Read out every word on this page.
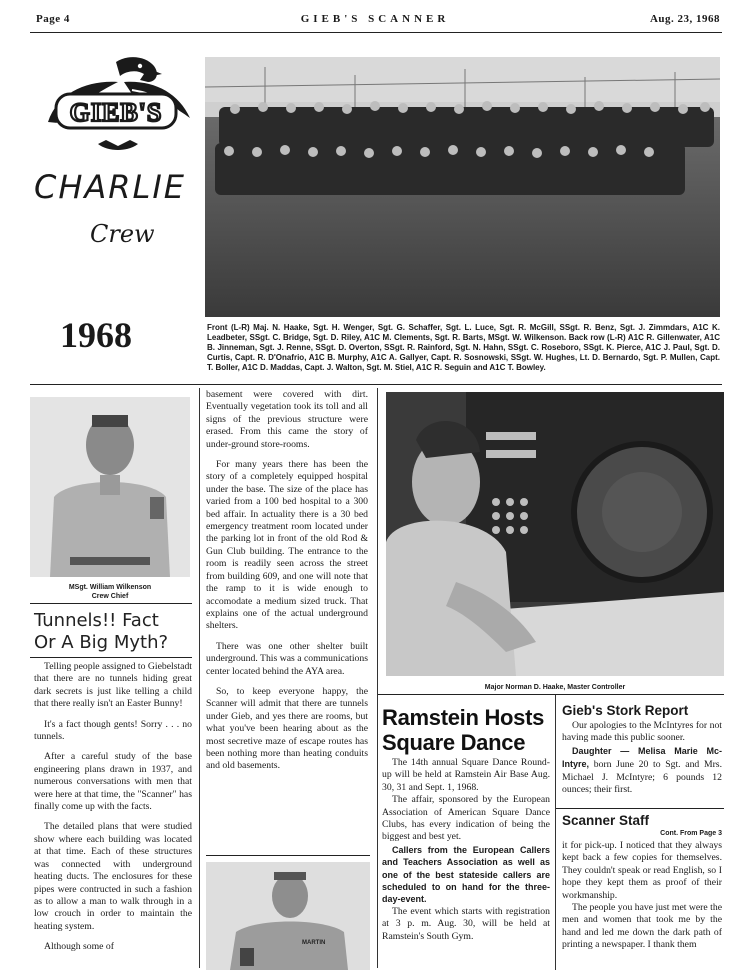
Page 4	GIEB'S SCANNER	Aug. 23, 1968
GIEB'S
CHARLIE
Crew
1968	Front (L-R) Maj. N. Haake, Sgt. H. Wenger, Sgt. G. Schaffer, Sgt. L. Luce, Sgt. R. McGill, SSgt. R. Benz, Sgt. J. Zimmdars, A1C K. Leadbeter, SSgt. C. Bridge, Sgt. D. Riley, A1C M. Clements, Sgt. R. Barts, MSgt. W. Wilkenson. Back row (L-R) A1C R. Gillenwater, A1C B. Jinneman, Sgt. J. Renne, SSgt. D. Overton, SSgt. R. Rainford, Sgt. N. Hahn, SSgt. C. Roseboro, SSgt. K. Pierce, A1C J. Paul, Sgt. D. Curtis, Capt. R. D'Onafrio, A1C B. Murphy, A1C A. Gallyer, Capt. R. Sosnowski, SSgt. W. Hughes, Lt. D. Bernardo, Sgt. P. Mullen, Capt. T. Boller, A1C D. Maddas, Capt. J. Walton, Sgt. M. Stiel, A1C R. Seguin and A1C T. Bowley.
MSgt. William Wilkenson
Crew Chief
Tunnels!! Fact
Or A Big Myth?

Telling people assigned to Giebelstadt that there are no tunnels hiding great dark secrets is just like telling a child that there really isn't an Easter Bunny!

It's a fact though gents! Sorry . . . no tunnels.

After a careful study of the base engineering plans drawn in 1937, and numerous conversations with men that were here at that time, the "Scanner" has finally come up with the facts.

The detailed plans that were studied show where each building was located at that time. Each of these structures was connected with underground heating ducts. The enclosures for these pipes were contructed in such a fashion as to allow a man to walk through in a low crouch in order to maintain the heating system.

Although some of

basement were covered with dirt. Eventually vegetation took its toll and all signs of the previous structure were erased. From this came the story of under-ground store-rooms.

For many years there has been the story of a completely equipped hospital under the base. The size of the place has varied from a 100 bed hospital to a 300 bed affair. In actuality there is a 30 bed emergency treatment room located under the parking lot in front of the old Rod & Gun Club building. The entrance to the room is readily seen across the street from building 609, and one will note that the ramp to it is wide enough to accomodate a medium sized truck. That explains one of the actual underground shelters.

There was one other shelter built underground. This was a communications center located behind the AYA area.

So, to keep everyone happy, the Scanner will admit that there are tunnels under Gieb, and yes there are rooms, but what you've been hearing about as the most secretive maze of escape routes has been nothing more than heating conduits and old basements.

MARTIN
Major Norman D. Haake, Master Controller
Ramstein Hosts
Square Dance

The 14th annual Square Dance Round-up will be held at Ramstein Air Base Aug. 30, 31 and Sept. 1, 1968.

The affair, sponsored by the European Association of American Square Dance Clubs, has every indication of being the biggest and best yet.

Callers from the European Callers and Teachers Association as well as one of the best stateside callers are scheduled to on hand for the three-day-event.

The event which starts with registration at 3 p. m. Aug. 30, will be held at Ramstein's South Gym.

Gieb's Stork Report

Our apologies to the McIntyres for not having made this public sooner.

Daughter — Melisa Marie Mc-Intyre, born June 20 to Sgt. and Mrs. Michael J. McIntyre; 6 pounds 12 ounces; their first.

Scanner Staff
Cont. From Page 3

it for pick-up. I noticed that they always kept back a few copies for themselves. They couldn't speak or read English, so I hope they kept them as proof of their workmanship.

The people you have just met were the men and women that took me by the hand and led me down the dark path of printing a newspaper. I thank them
